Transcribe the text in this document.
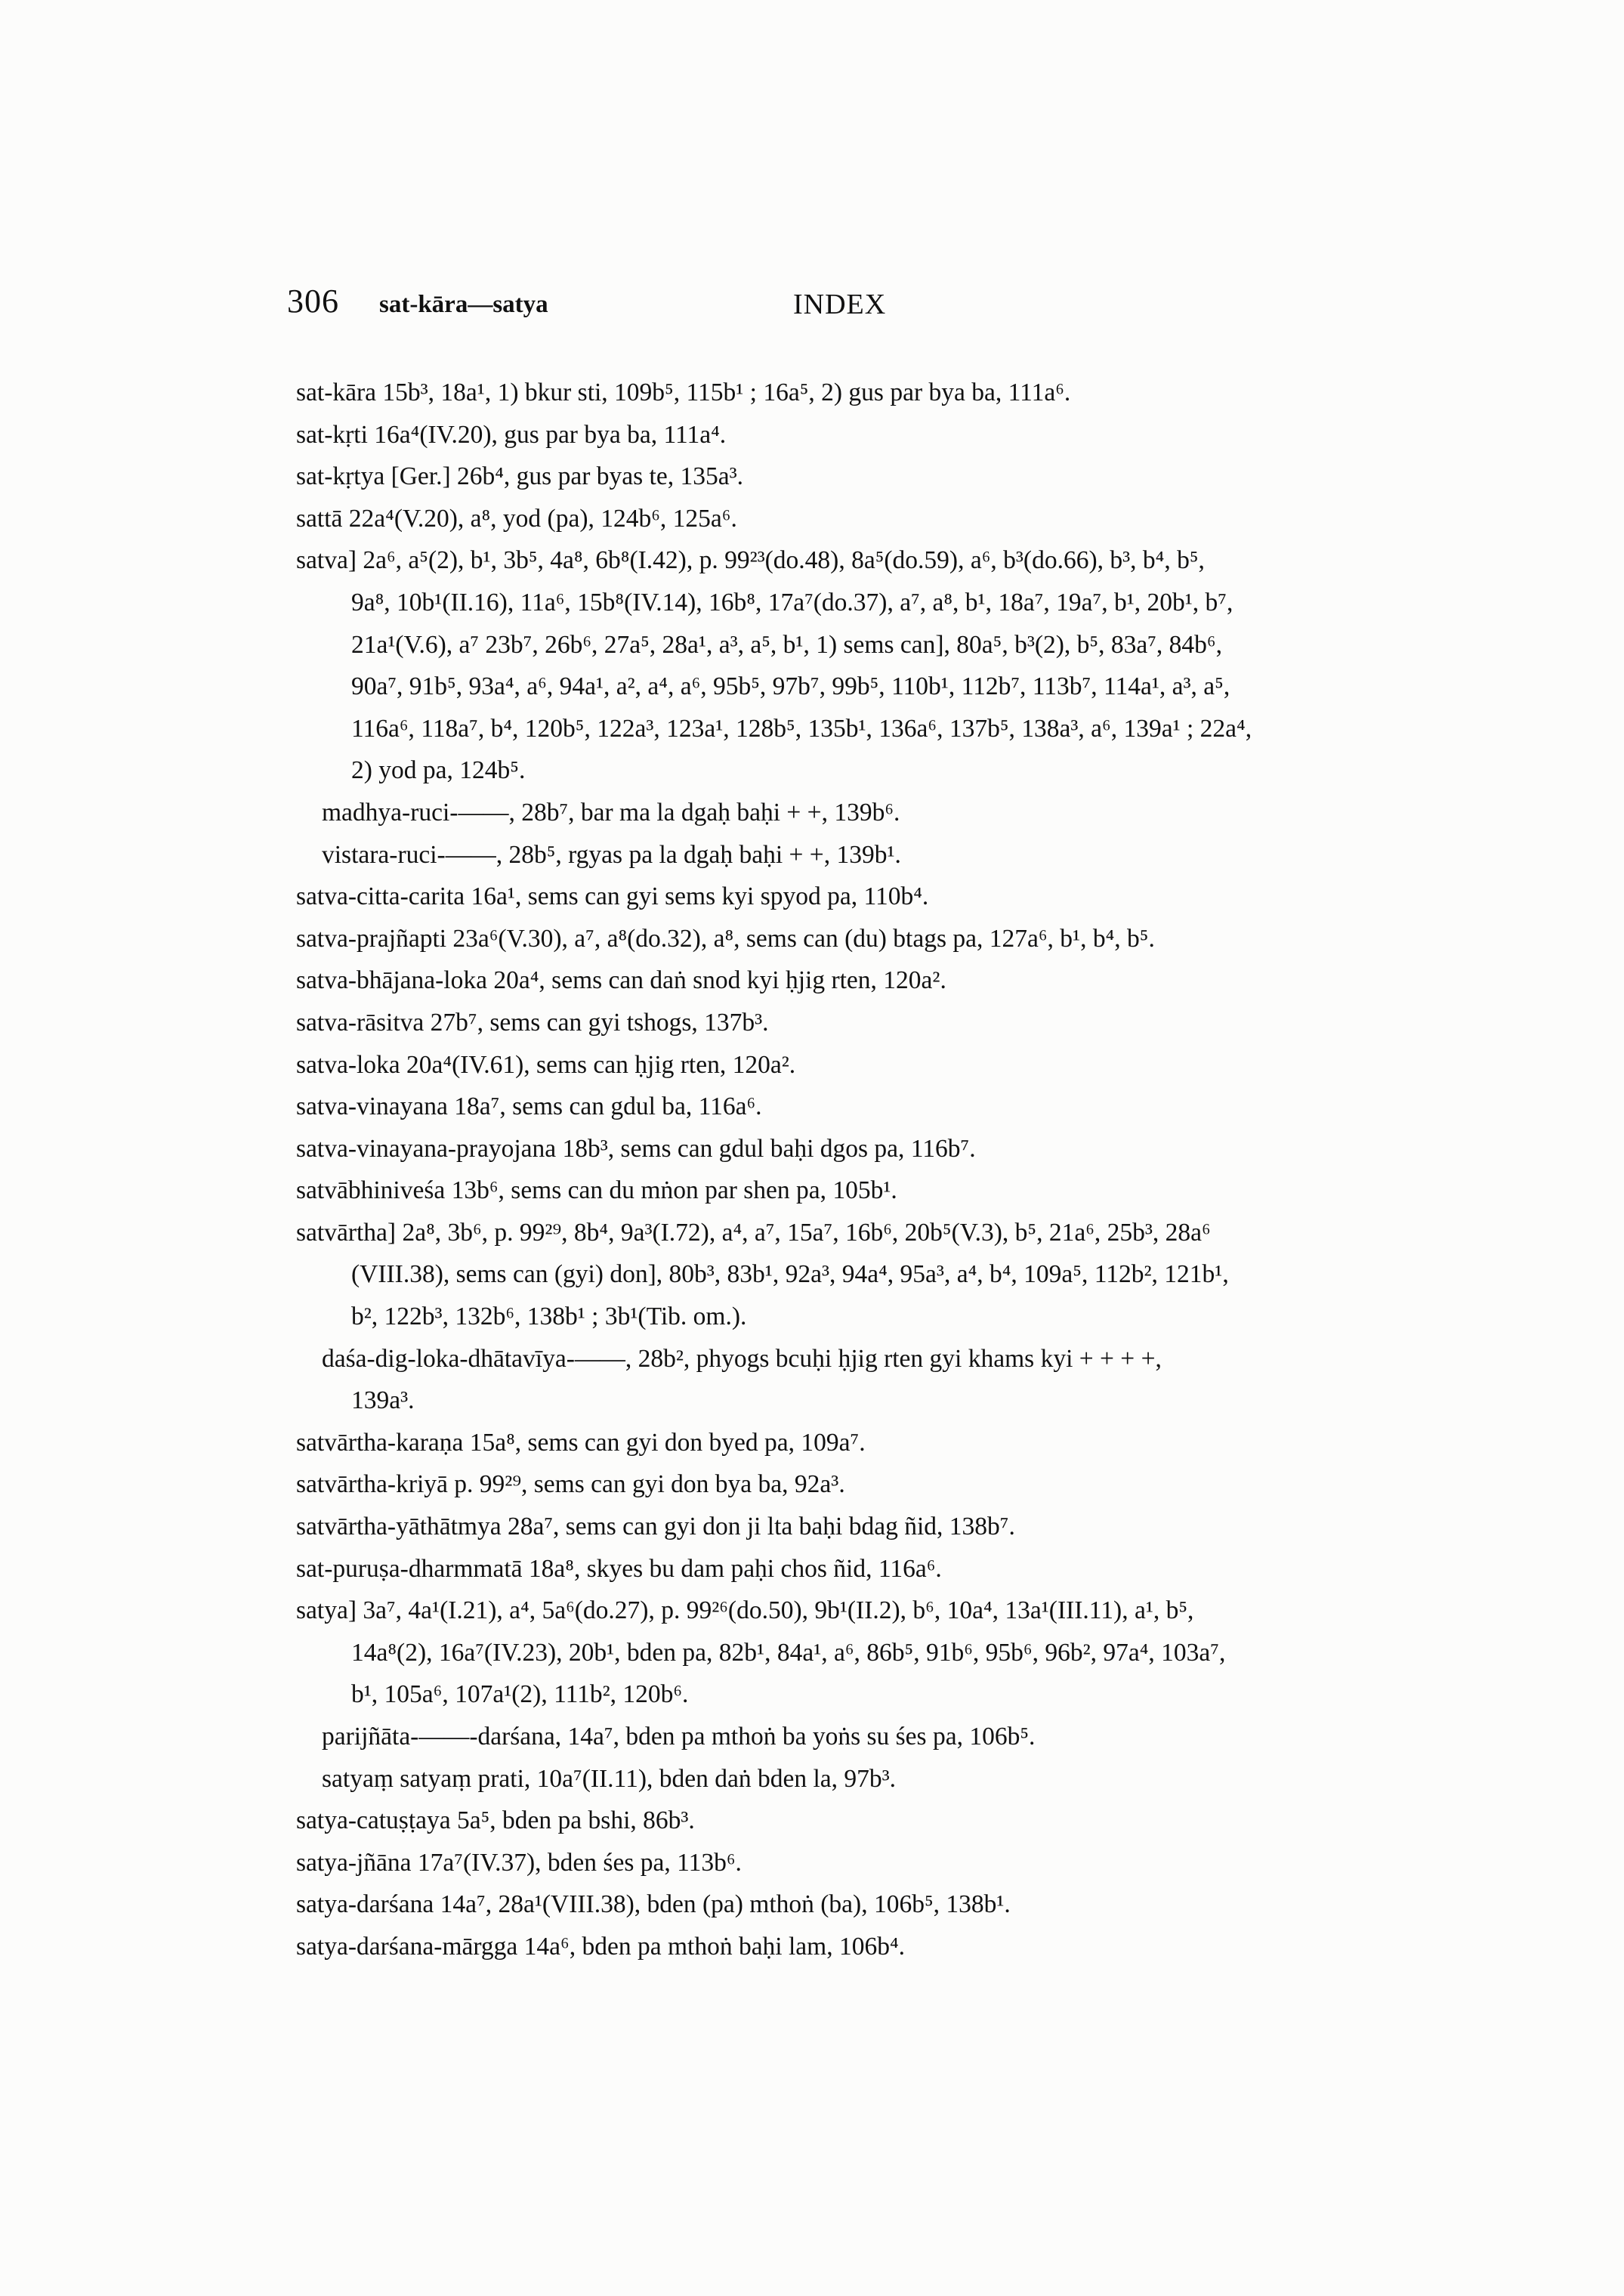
306 sat-kāra—satya	INDEX
sat-kāra 15b³, 18a¹, 1) bkur sti, 109b⁵, 115b¹ ; 16a⁵, 2) gus par bya ba, 111a⁶.
sat-kṛti 16a⁴(IV.20), gus par bya ba, 111a⁴.
sat-kṛtya [Ger.] 26b⁴, gus par byas te, 135a³.
sattā 22a⁴(V.20), a⁸, yod (pa), 124b⁶, 125a⁶.
satva] 2a⁶, a⁵(2), b¹, 3b⁵, 4a⁸, 6b⁸(I.42), p. 99²³(do.48), 8a⁵(do.59), a⁶, b³(do.66), b³, b⁴, b⁵,
9a⁸, 10b¹(II.16), 11a⁶, 15b⁸(IV.14), 16b⁸, 17a⁷(do.37), a⁷, a⁸, b¹, 18a⁷, 19a⁷, b¹, 20b¹, b⁷,
21a¹(V.6), a⁷ 23b⁷, 26b⁶, 27a⁵, 28a¹, a³, a⁵, b¹, 1) sems can], 80a⁵, b³(2), b⁵, 83a⁷, 84b⁶,
90a⁷, 91b⁵, 93a⁴, a⁶, 94a¹, a², a⁴, a⁶, 95b⁵, 97b⁷, 99b⁵, 110b¹, 112b⁷, 113b⁷, 114a¹, a³, a⁵,
116a⁶, 118a⁷, b⁴, 120b⁵, 122a³, 123a¹, 128b⁵, 135b¹, 136a⁶, 137b⁵, 138a³, a⁶, 139a¹ ; 22a⁴,
2) yod pa, 124b⁵.
madhya-ruci-——, 28b⁷, bar ma la dgaḥ baḥi + +, 139b⁶.
vistara-ruci-——, 28b⁵, rgyas pa la dgaḥ baḥi + +, 139b¹.
satva-citta-carita 16a¹, sems can gyi sems kyi spyod pa, 110b⁴.
satva-prajñapti 23a⁶(V.30), a⁷, a⁸(do.32), a⁸, sems can (du) btags pa, 127a⁶, b¹, b⁴, b⁵.
satva-bhājana-loka 20a⁴, sems can daṅ snod kyi ḥjig rten, 120a².
satva-rāsitva 27b⁷, sems can gyi tshogs, 137b³.
satva-loka 20a⁴(IV.61), sems can ḥjig rten, 120a².
satva-vinayana 18a⁷, sems can gdul ba, 116a⁶.
satva-vinayana-prayojana 18b³, sems can gdul baḥi dgos pa, 116b⁷.
satvābhiniveśa 13b⁶, sems can du mṅon par shen pa, 105b¹.
satvārtha] 2a⁸, 3b⁶, p. 99²⁹, 8b⁴, 9a³(I.72), a⁴, a⁷, 15a⁷, 16b⁶, 20b⁵(V.3), b⁵, 21a⁶, 25b³, 28a⁶
(VIII.38), sems can (gyi) don], 80b³, 83b¹, 92a³, 94a⁴, 95a³, a⁴, b⁴, 109a⁵, 112b², 121b¹,
b², 122b³, 132b⁶, 138b¹ ; 3b¹(Tib. om.).
daśa-dig-loka-dhātavīya-——, 28b², phyogs bcuḥi ḥjig rten gyi khams kyi + + + +,
139a³.
satvārtha-karaṇa 15a⁸, sems can gyi don byed pa, 109a⁷.
satvārtha-kriyā p. 99²⁹, sems can gyi don bya ba, 92a³.
satvārtha-yāthātmya 28a⁷, sems can gyi don ji lta baḥi bdag ñid, 138b⁷.
sat-puruṣa-dharmmatā 18a⁸, skyes bu dam paḥi chos ñid, 116a⁶.
satya] 3a⁷, 4a¹(I.21), a⁴, 5a⁶(do.27), p. 99²⁶(do.50), 9b¹(II.2), b⁶, 10a⁴, 13a¹(III.11), a¹, b⁵,
14a⁸(2), 16a⁷(IV.23), 20b¹, bden pa, 82b¹, 84a¹, a⁶, 86b⁵, 91b⁶, 95b⁶, 96b², 97a⁴, 103a⁷,
b¹, 105a⁶, 107a¹(2), 111b², 120b⁶.
parijñāta-——-darśana, 14a⁷, bden pa mthoṅ ba yoṅs su śes pa, 106b⁵.
satyaṃ satyaṃ prati, 10a⁷(II.11), bden daṅ bden la, 97b³.
satya-catuṣṭaya 5a⁵, bden pa bshi, 86b³.
satya-jñāna 17a⁷(IV.37), bden śes pa, 113b⁶.
satya-darśana 14a⁷, 28a¹(VIII.38), bden (pa) mthoṅ (ba), 106b⁵, 138b¹.
satya-darśana-mārgga 14a⁶, bden pa mthoṅ baḥi lam, 106b⁴.
